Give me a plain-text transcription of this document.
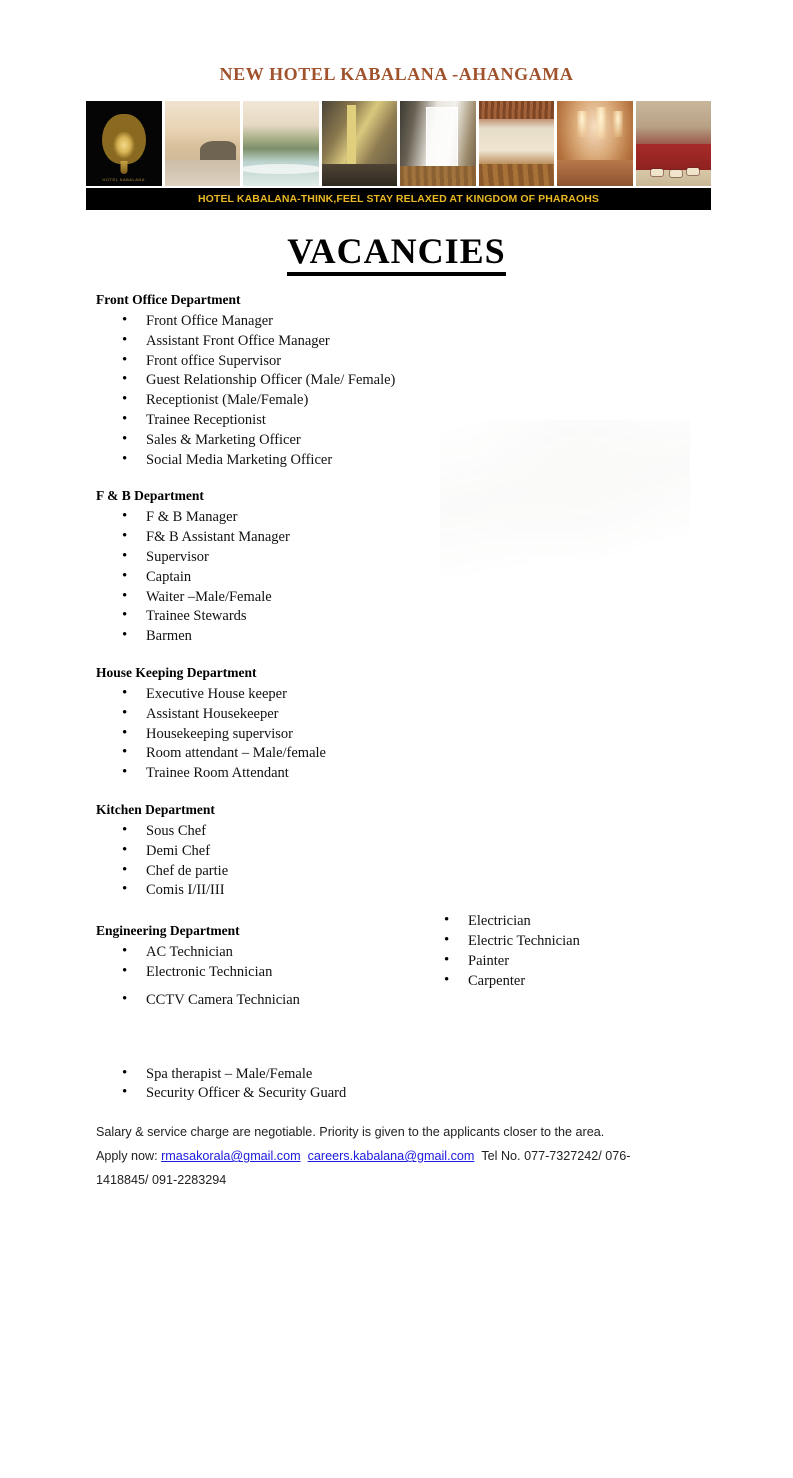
NEW HOTEL KABALANA -AHANGAMA
HOTEL KABALANA
HOTEL KABALANA-THINK,FEEL STAY RELAXED AT KINGDOM OF PHARAOHS
VACANCIES
Front Office Department
• Front Office Manager
• Assistant Front Office Manager
• Front office Supervisor
• Guest Relationship Officer (Male/ Female)
• Receptionist (Male/Female)
• Trainee Receptionist
• Sales & Marketing Officer
• Social Media Marketing Officer
F & B Department
• F & B Manager
• F& B Assistant Manager
• Supervisor
• Captain
• Waiter –Male/Female
• Trainee Stewards
• Barmen
House Keeping Department
• Executive House keeper
• Assistant Housekeeper
• Housekeeping supervisor
• Room attendant – Male/female
• Trainee Room Attendant
Kitchen Department
• Sous Chef
• Demi Chef
• Chef de partie
• Comis I/II/III
Engineering Department
• AC Technician
• Electronic Technician
• CCTV Camera Technician
• Electrician
• Electric Technician
• Painter
• Carpenter
• Spa therapist – Male/Female
• Security Officer & Security Guard
Salary & service charge are negotiable. Priority is given to the applicants closer to the area.
Apply now: rmasakorala@gmail.com careers.kabalana@gmail.com Tel No. 077-7327242/ 076-
1418845/ 091-2283294
